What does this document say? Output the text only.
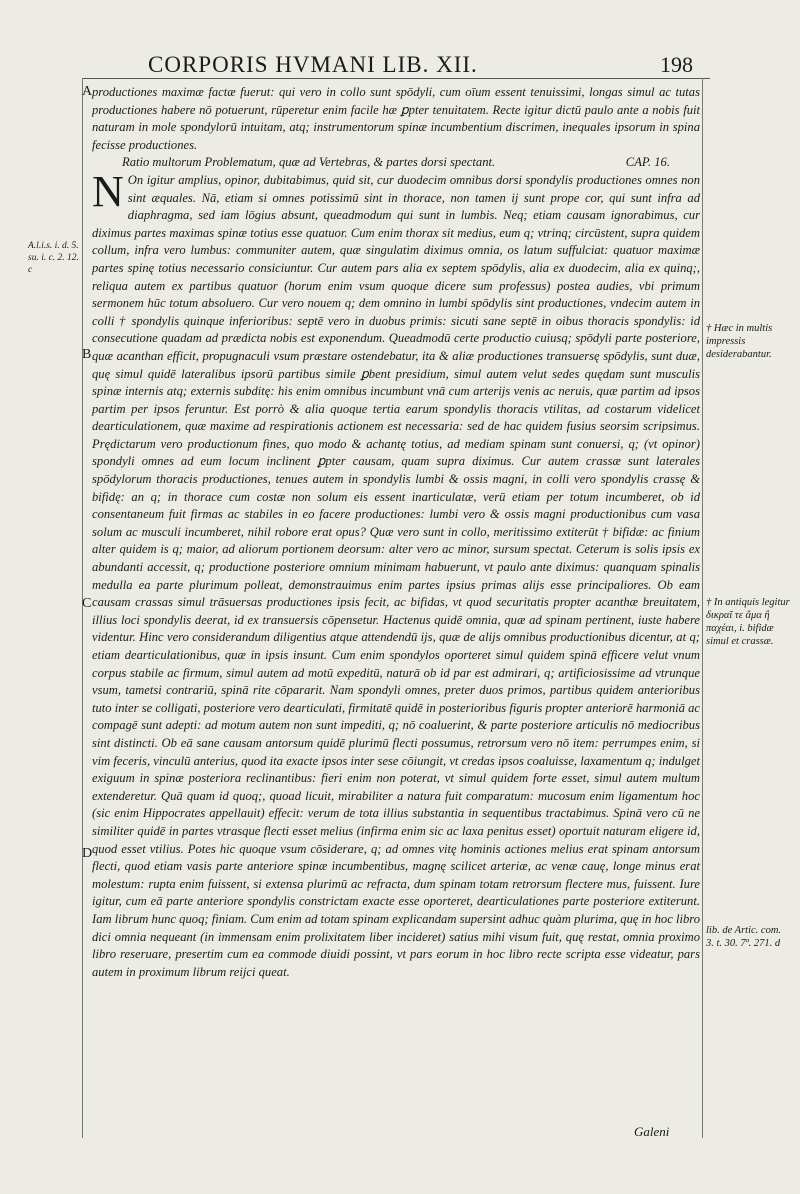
CORPORIS HVMANI LIB. XII.	198
A
B
C
D

productiones maximæ factæ fuerut: qui vero in collo sunt spōdyli, cum oīum essent tenuissimi, longas simul ac tutas productiones habere nō potuerunt, rūperetur enim facile hæ ꝑpter tenuitatem. Recte igitur dictū paulo ante a nobis fuit naturam in mole spondylorū intuitam, atq; instrumentorum spinæ incumbentium discrimen, inequales ipsorum in spina fecisse productiones.

Ratio multorum Problematum, quæ ad Vertebras, & partes dorsi spectant.	CAP. 16.

N On igitur amplius, opinor, dubitabimus, quid sit, cur duodecim omnibus dorsi spondylis productiones omnes non sint æquales. Nā, etiam si omnes potissimū sint in thorace, non tamen ij sunt prope cor, qui sunt infra ad diaphragma, sed iam lōgius absunt, queadmodum qui sunt in lumbis. Neq; etiam causam ignorabimus, cur diximus partes maximas spinæ totius esse quatuor. Cum enim thorax sit medius, eum q; vtrinq; circūstent, supra quidem collum, infra vero lumbus: communiter autem, quæ singulatim diximus omnia, os latum suffulciat: quatuor maximæ partes spinę totius necessario consiciuntur. Cur autem pars alia ex septem spōdylis, alia ex duodecim, alia ex quinq;, reliqua autem ex partibus quatuor (horum enim vsum quoque dicere sum professus) postea audies, vbi primum sermonem hūc totum absoluero. Cur vero nouem q; dem omnino in lumbi spōdylis sint productiones, vndecim autem in colli † spondylis quinque inferioribus: septē vero in duobus primis: sicuti sane septē in oibus thoracis spondylis: id consecutione quadam ad prædicta nobis est exponendum. Queadmodū certe productio cuiusq; spōdyli parte posteriore, quæ acanthan efficit, propugnaculi vsum præstare ostendebatur, ita & aliæ productiones transuersę spōdylis, sunt duæ, quę simul quidē lateralibus ipsorū partibus simile ꝑbent presidium, simul autem velut sedes quędam sunt musculis spinæ internis atq; externis subditę: his enim omnibus incumbunt vnā cum arterijs venis ac neruis, quæ partim ad ipsos partim per ipsos feruntur. Est porrò & alia quoque tertia earum spondylis thoracis vtilitas, ad costarum videlicet dearticulationem, quæ maxime ad respirationis actionem est necessaria: sed de hac quidem fusius seorsim scripsimus. Prędictarum vero productionum fines, quo modo & achantę totius, ad mediam spinam sunt conuersi, q; (vt opinor) spondyli omnes ad eum locum inclinent ꝑpter causam, quam supra diximus. Cur autem crassæ sunt laterales spōdylorum thoracis productiones, tenues autem in spondylis lumbi & ossis magni, in colli vero spondylis crassę & bifidę: an q; in thorace cum costæ non solum eis essent inarticulatæ, verū etiam per totum incumberet, ob id consentaneum fuit firmas ac stabiles in eo facere productiones: lumbi vero & ossis magni productionibus cum vasa solum ac musculi incumberet, nihil robore erat opus? Quæ vero sunt in collo, meritissimo extiterūt † bifidæ: ac finium alter quidem is q; maior, ad aliorum portionem deorsum: alter vero ac minor, sursum spectat. Ceterum is solis ipsis ex abundanti accessit, q; productione posteriore omnium minimam habuerunt, vt paulo ante diximus: quanquam spinalis medulla ea parte plurimum polleat, demonstrauimus enim partes ipsius primas alijs esse principaliores. Ob eam causam crassas simul trāsuersas productiones ipsis fecit, ac bifidas, vt quod securitatis propter acanthæ breuitatem, illius loci spondylis deerat, id ex transuersis cōpensetur. Hactenus quidē omnia, quæ ad spinam pertinent, iuste habere videntur. Hinc vero considerandum diligentius atque attendendū ijs, quæ de alijs omnibus productionibus dicentur, at q; etiam dearticulationibus, quæ in ipsis insunt. Cum enim spondylos oporteret simul quidem spinā efficere velut vnum corpus stabile ac firmum, simul autem ad motū expeditū, naturā ob id par est admirari, q; artificiosissime ad vtrunque vsum, tametsi contrariū, spinā rite cōpararit. Nam spondyli omnes, preter duos primos, partibus quidem anterioribus tuto inter se colligati, posteriore vero dearticulati, firmitatē quidē in posterioribus figuris propter anteriorē harmoniā ac compagē sunt adepti: ad motum autem non sunt impediti, q; nō coaluerint, & parte posteriore articulis nō mediocribus sint distincti. Ob eā sane causam antorsum quidē plurimū flecti possumus, retrorsum vero nō item: perrumpes enim, si vim feceris, vinculū anterius, quod ita exacte ipsos inter sese cōiungit, vt credas ipsos coaluisse, laxamentum q; indulget exiguum in spinæ posteriora reclinantibus: fieri enim non poterat, vt simul quidem forte esset, simul autem multum extenderetur. Quā quam id quoq;, quoad licuit, mirabiliter a natura fuit comparatum: mucosum enim ligamentum hoc (sic enim Hippocrates appellauit) effecit: verum de tota illius substantia in sequentibus tractabimus. Spinā vero cū ne similiter quidē in partes vtrasque flecti esset melius (infirma enim sic ac laxa penitus esset) oportuit naturam eligere id, quod esset vtilius. Potes hic quoque vsum cōsiderare, q; ad omnes vitę hominis actiones melius erat spinam antorsum flecti, quod etiam vasis parte anteriore spinæ incumbentibus, magnę scilicet arteriæ, ac venæ cauę, longe minus erat molestum: rupta enim fuissent, si extensa plurimū ac refracta, dum spinam totam retrorsum flectere mus, fuissent. Iure igitur, cum eā parte anteriore spondylis constrictam exacte esse oporteret, dearticulationes parte posteriore extiterunt. Iam librum hunc quoq; finiam. Cum enim ad totam spinam explicandam supersint adhuc quàm plurima, quę in hoc libro dici omnia nequeant (in immensam enim prolixitatem liber incideret) satius mihi visum fuit, quę restat, omnia proximo libro reseruare, presertim cum ea commode diuidi possint, vt pars eorum in hoc libro recte scripta esse videatur, pars autem in proximum librum reijci queat.

A.l.i.s. i. d. 5. su. i. c. 2. 12. c
† Hæc in multis impressis desiderabantur.
† In antiquis legitur δικραῖ τε ἅμα ἢ παχέαι, i. bifidæ simul et crassæ.
lib. de Artic. com. 3. t. 30. 7ª. 271. d
Galeni
